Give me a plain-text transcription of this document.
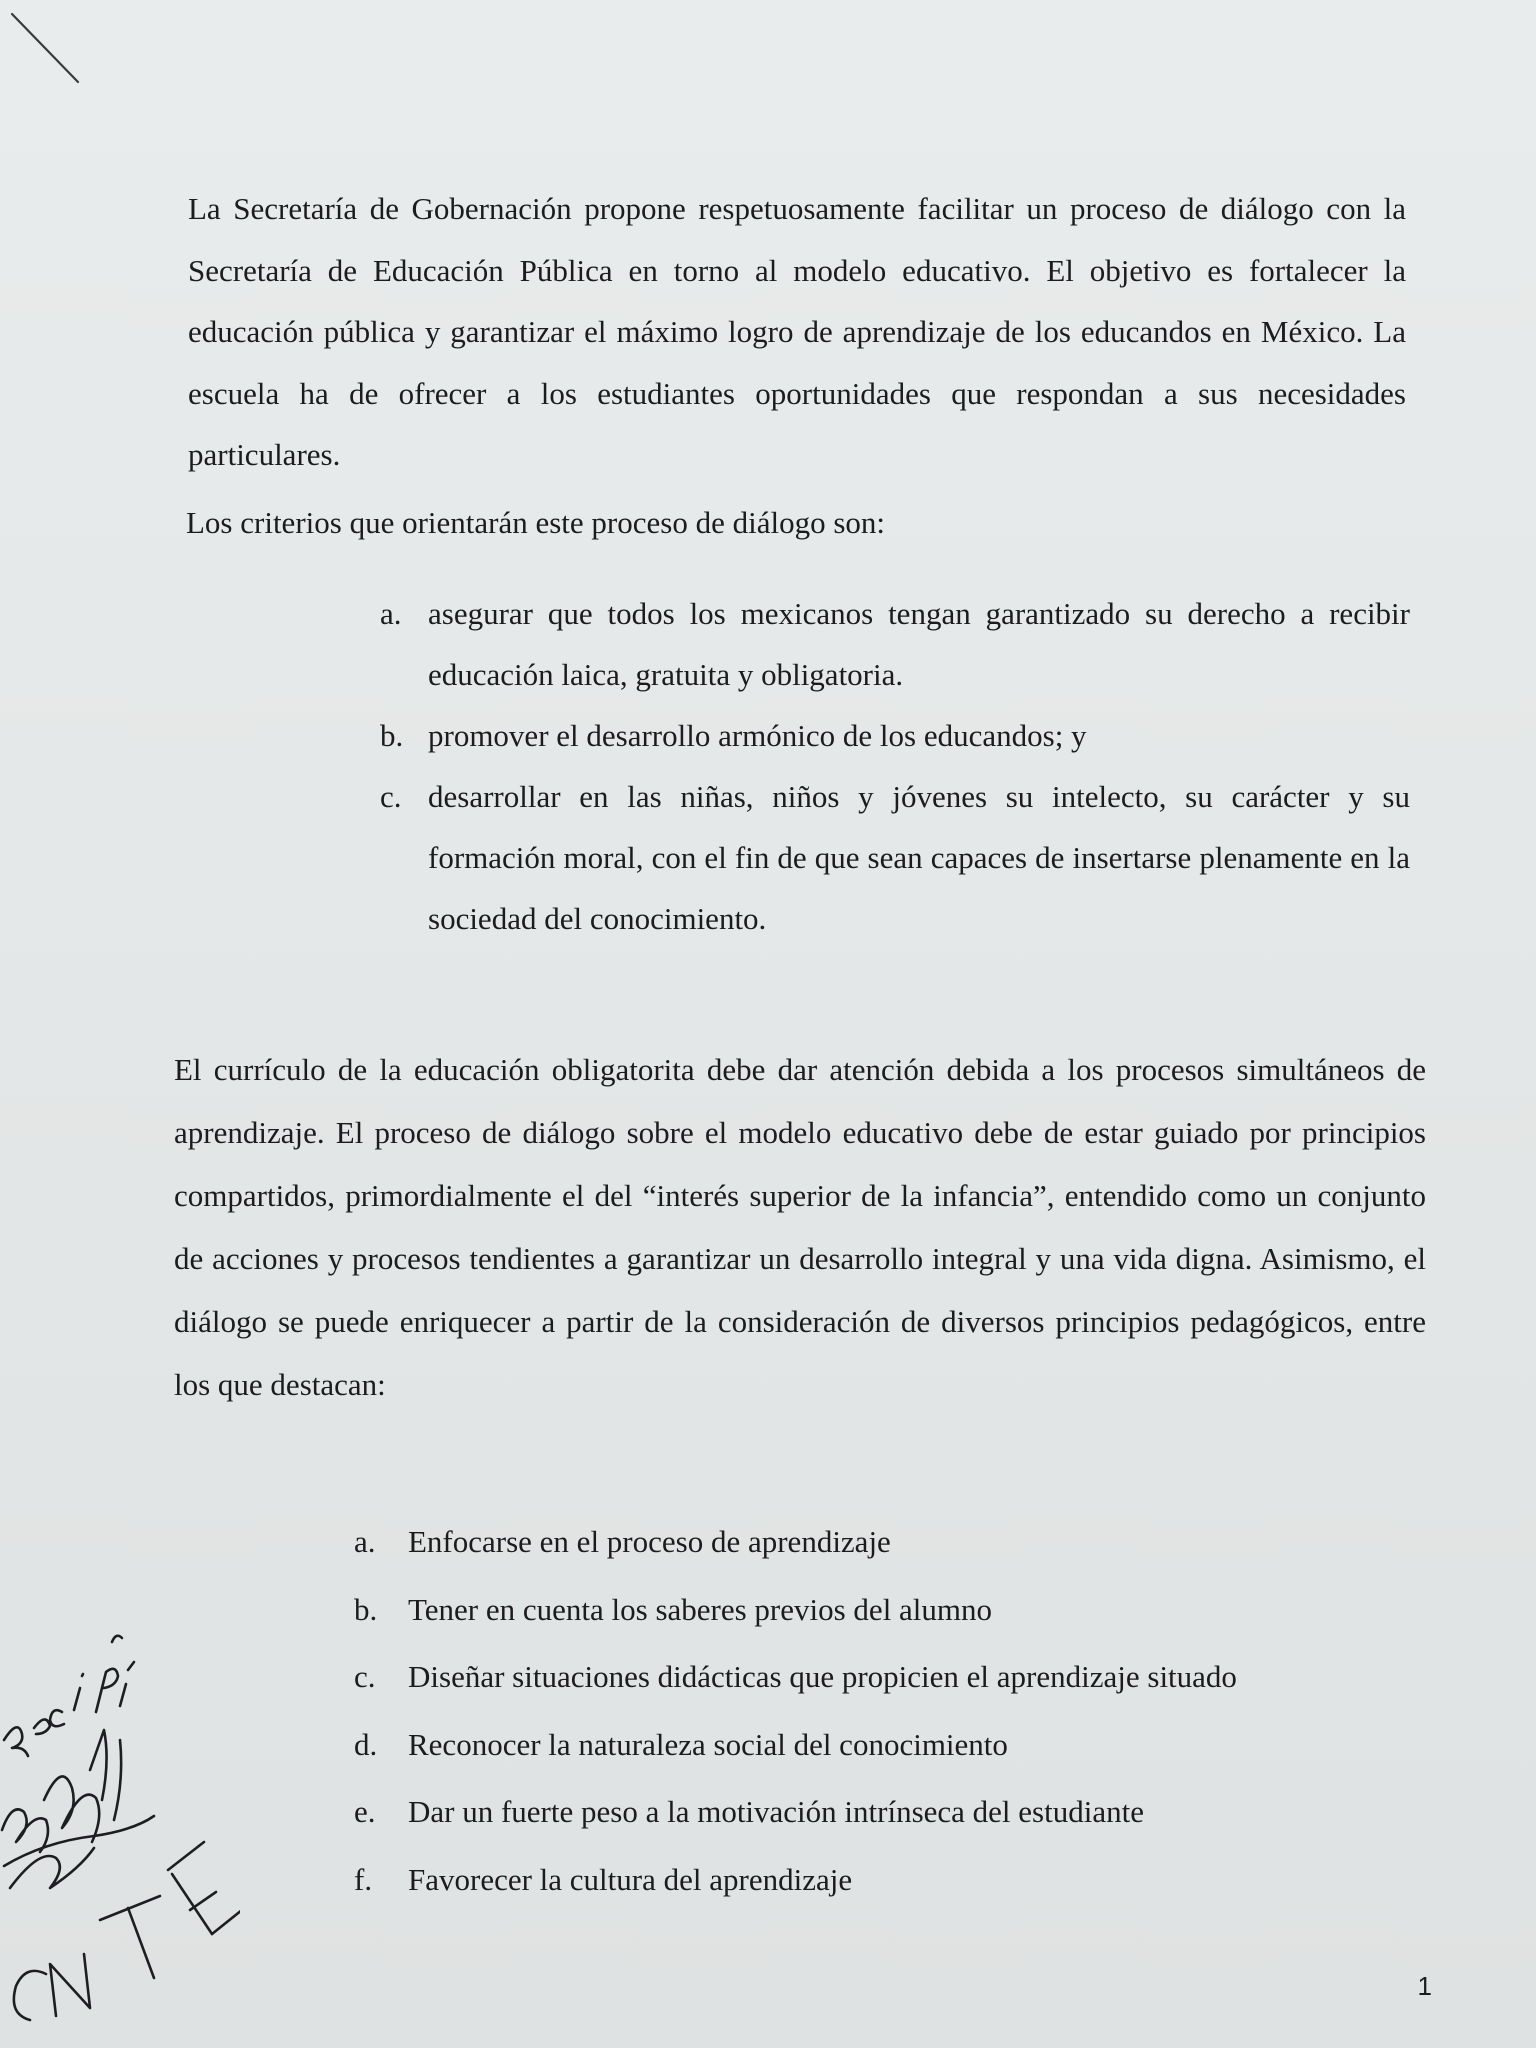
La Secretaría de Gobernación propone respetuosamente facilitar un proceso de diálogo con la Secretaría de Educación Pública en torno al modelo educativo. El objetivo es fortalecer la educación pública y garantizar el máximo logro de aprendizaje de los educandos en México. La escuela ha de ofrecer a los estudiantes oportunidades que respondan a sus necesidades particulares.

Los criterios que orientarán este proceso de diálogo son:

a. asegurar que todos los mexicanos tengan garantizado su derecho a recibir educación laica, gratuita y obligatoria.
b. promover el desarrollo armónico de los educandos; y
c. desarrollar en las niñas, niños y jóvenes su intelecto, su carácter y su formación moral, con el fin de que sean capaces de insertarse plenamente en la sociedad del conocimiento.

El currículo de la educación obligatorita debe dar atención debida a los procesos simultáneos de aprendizaje. El proceso de diálogo sobre el modelo educativo debe de estar guiado por principios compartidos, primordialmente el del “interés superior de la infancia”, entendido como un conjunto de acciones y procesos tendientes a garantizar un desarrollo integral y una vida digna. Asimismo, el diálogo se puede enriquecer a partir de la consideración de diversos principios pedagógicos, entre los que destacan:

a. Enfocarse en el proceso de aprendizaje
b. Tener en cuenta los saberes previos del alumno
c. Diseñar situaciones didácticas que propicien el aprendizaje situado
d. Reconocer la naturaleza social del conocimiento
e. Dar un fuerte peso a la motivación intrínseca del estudiante
f. Favorecer la cultura del aprendizaje
1
